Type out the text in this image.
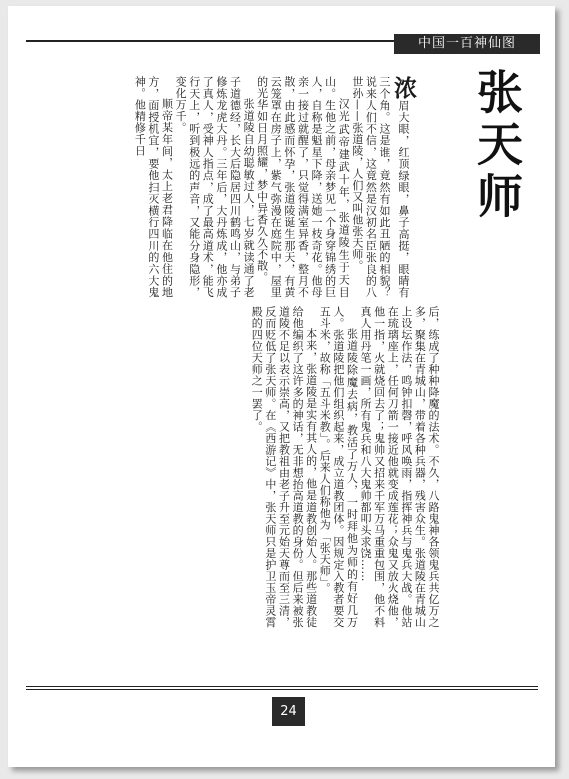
中国一百神仙图
张天师

浓眉大眼，红顶绿眼，鼻子高挺，眼睛有三个角。这是谁，竟然有如此丑陋的相貌？说来人们不信，这竟然是汉初名臣张良的八世孙——张道陵，人们又叫他张天师。

汉光武帝建武十年，张道陵生于天目山。生他之前，母亲梦见一个身穿锦绣的巨人，自称是魁星下降，送她一枝奇花。他母亲一接过就醒了，只觉得满室异香，整月不散，由此感而怀孕，张道陵诞生那天，有黄云笼罩在房子上，紫气弥漫在庭院中，屋里的光华如日月照耀，梦中异香久久不散。

张道陵自幼聪敏过人，七岁就读通了老子道德经，长大后隐居四川鹤鸣山，与弟子修炼龙虎大丹。三年后，大丹炼成，他亦成了真人，受神人指点，成了最高道术，能飞行天上，听到极远的声音，又能分身隐形，变化万千。

顺帝某年间，太上老君降临在他住的地方，面授机宜，要他扫灭横行四川的六大鬼神。他精修千日

后，练成了种种降魔的法术。不久，八路鬼神各领鬼兵共亿万之多，聚集在青城山，带着各种兵器，残害众生。张道陵在青城山上设坛作法，鸣钟扣磬，呼风唤雨，指挥神兵与鬼兵大战。他站在琉璃座上，任何刀箭一接近他就变成莲花；众鬼又放火烧他，他一指，火就烧回去了；鬼帅又招来千军万马重重包围，他不料真人用丹笔一画，所有鬼兵和八大鬼帅都叩头求饶……

张道陵除魔去病，教活了万人，一时拜他为师的有好几万人。张道陵把他们组织起来，成立道教团体。因规定入教者要交五斗米，故称「五斗米教」。后来人们称他为「张天师」。

本来，张道陵是实有其人的，他是道教创始人。那些道教徒给他编织了这许多的神话，无非想抬高道教的身份。但后来被张道陵不足以表示崇高，又把教祖由老子升至元始天尊而至三清，反而贬低了张天师。在《西游记》中，张天师只是护卫玉帝灵霄殿的四位天师之一罢了。

24
